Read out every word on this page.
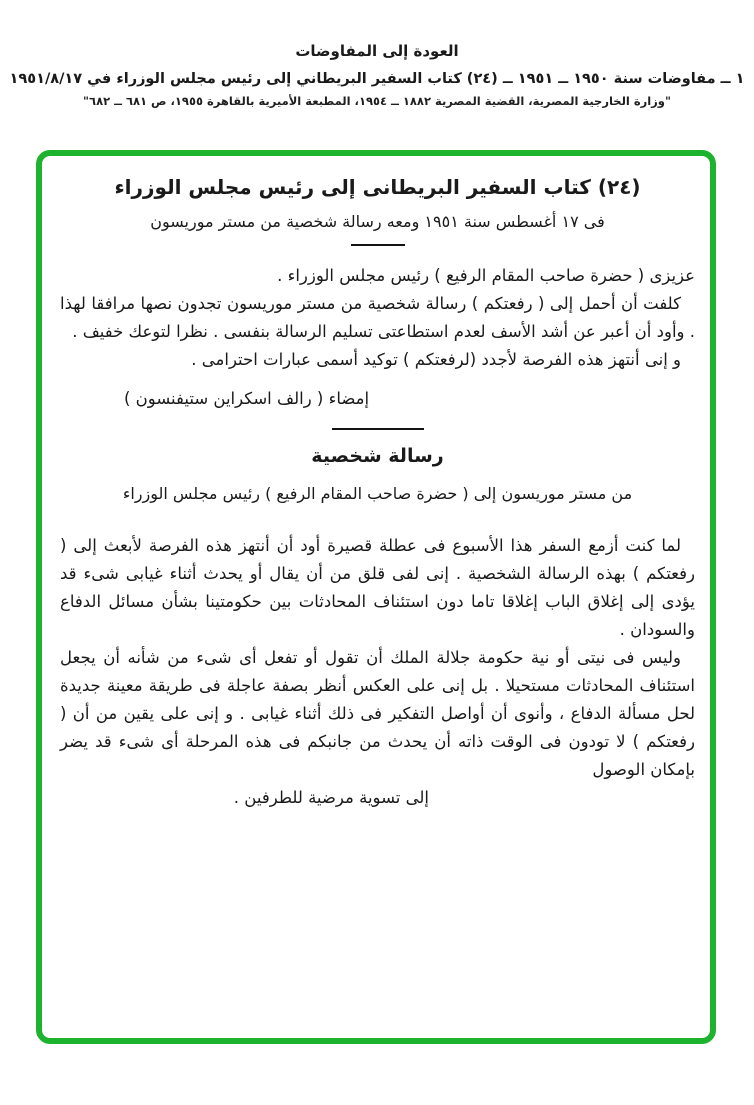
العودة إلى المفاوضات
١ ــ مفاوضات سنة ١٩٥٠ ــ ١٩٥١ ــ (٢٤) كتاب السفير البريطاني إلى رئيس مجلس الوزراء في ١٩٥١/٨/١٧
"وزارة الخارجية المصرية، القضية المصرية ١٨٨٢ ــ ١٩٥٤، المطبعة الأميرية بالقاهرة ١٩٥٥، ص ٦٨١ ــ ٦٨٢"
(٢٤) كتاب السفير البريطانى إلى رئيس مجلس الوزراء
فى ١٧ أغسطس سنة ١٩٥١ ومعه رسالة شخصية من مستر موريسون

عزيزى ( حضرة صاحب المقام الرفيع ) رئيس مجلس الوزراء .

كلفت أن أحمل إلى ( رفعتكم ) رسالة شخصية من مستر موريسون تجدون نصها مرافقا لهذا . وأود أن أعبر عن أشد الأسف لعدم استطاعتى تسليم الرسالة بنفسى . نظرا لتوعك خفيف .

و إنى أنتهز هذه الفرصة لأجدد (لرفعتكم ) توكيد أسمى عبارات احترامى .

إمضاء ( رالف اسكراين ستيفنسون )
رسالة شخصية
من مستر موريسون إلى ( حضرة صاحب المقام الرفيع ) رئيس مجلس الوزراء

لما كنت أزمع السفر هذا الأسبوع فى عطلة قصيرة أود أن أنتهز هذه الفرصة لأبعث إلى ( رفعتكم ) بهذه الرسالة الشخصية . إنى لفى قلق من أن يقال أو يحدث أثناء غيابى شىء قد يؤدى إلى إغلاق الباب إغلاقا تاما دون استئناف المحادثات بين حكومتينا بشأن مسائل الدفاع والسودان .

وليس فى نيتى أو نية حكومة جلالة الملك أن تقول أو تفعل أى شىء من شأنه أن يجعل استئناف المحادثات مستحيلا . بل إنى على العكس أنظر بصفة عاجلة فى طريقة معينة جديدة لحل مسألة الدفاع ، وأنوى أن أواصل التفكير فى ذلك أثناء غيابى . و إنى على يقين من أن ( رفعتكم ) لا تودون فى الوقت ذاته أن يحدث من جانبكم فى هذه المرحلة أى شىء قد يضر بإمكان الوصول

إلى تسوية مرضية للطرفين .
